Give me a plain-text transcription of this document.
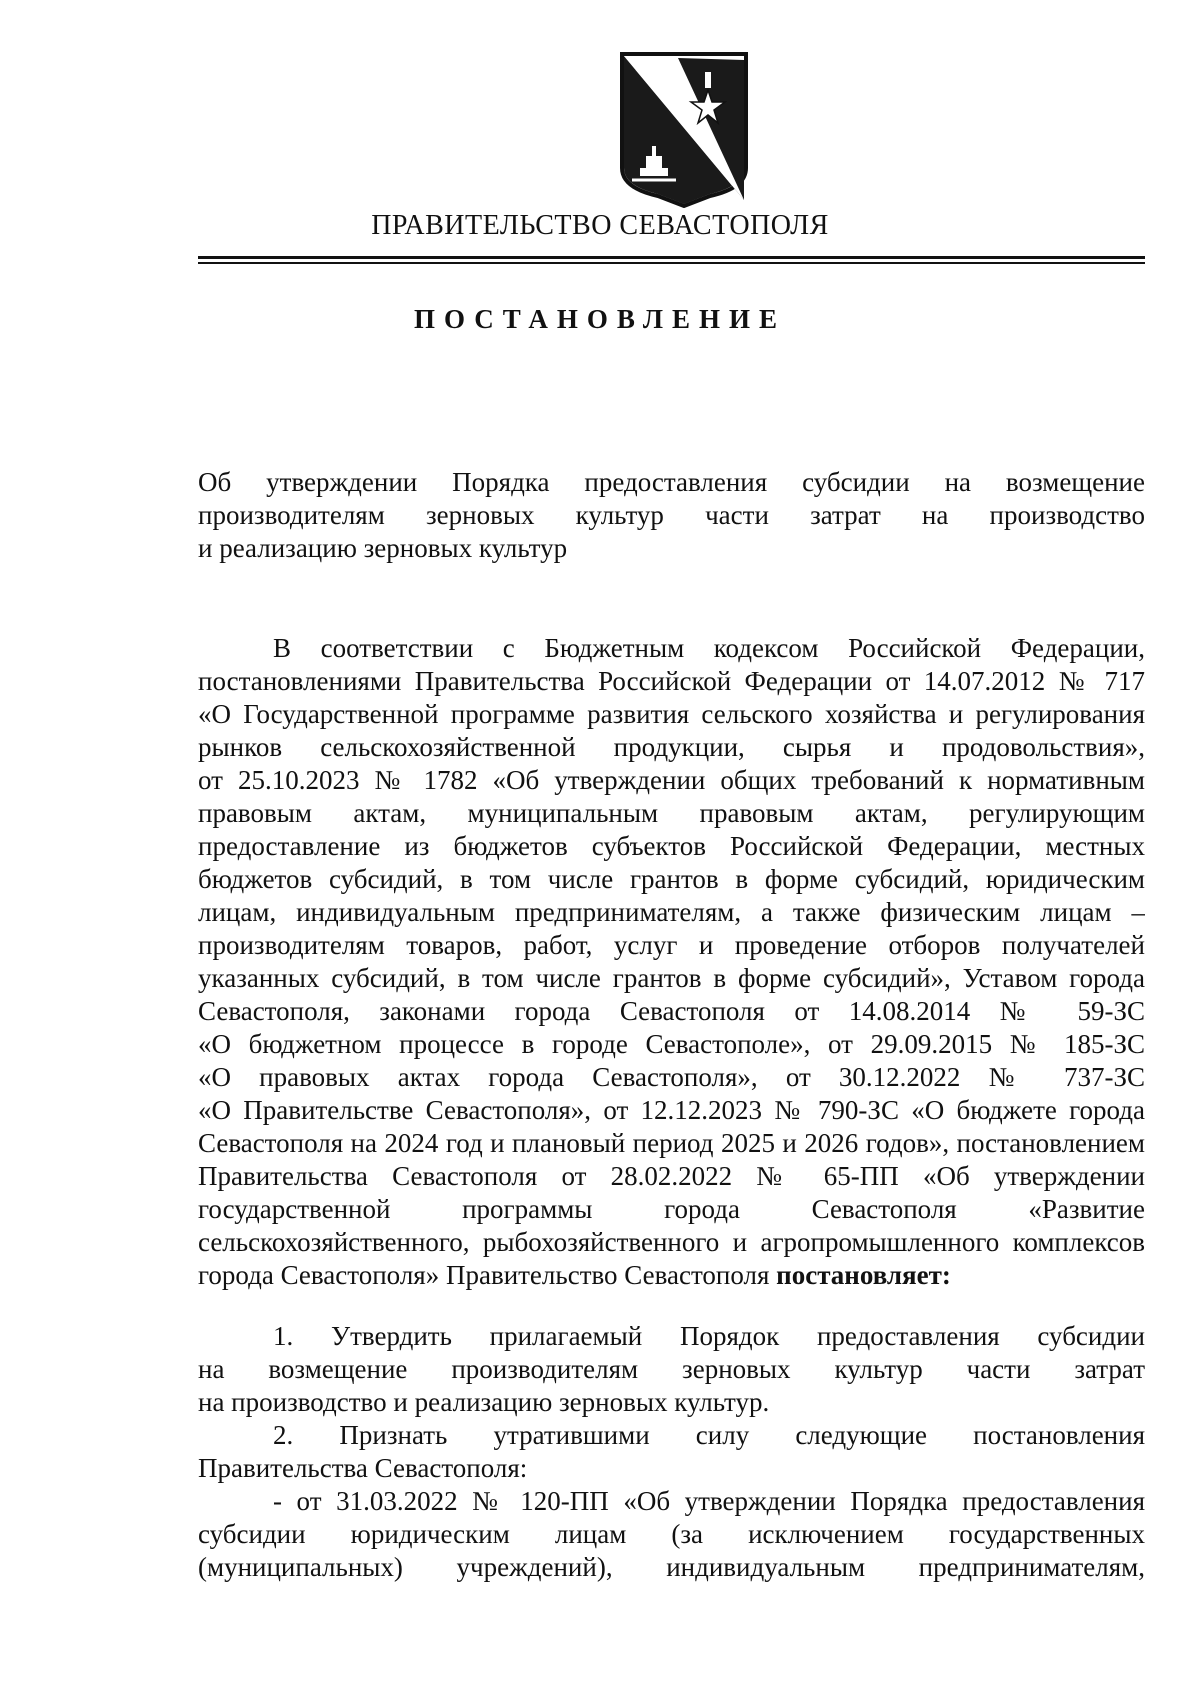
ПРАВИТЕЛЬСТВО СЕВАСТОПОЛЯ
ПОСТАНОВЛЕНИЕ
Об утверждении Порядка предоставления субсидии на возмещение
производителям зерновых культур части затрат на производство
и реализацию зерновых культур
В соответствии с Бюджетным кодексом Российской Федерации,
постановлениями Правительства Российской Федерации от 14.07.2012 № 717
«О Государственной программе развития сельского хозяйства и регулирования
рынков сельскохозяйственной продукции, сырья и продовольствия»,
от 25.10.2023 № 1782 «Об утверждении общих требований к нормативным
правовым актам, муниципальным правовым актам, регулирующим
предоставление из бюджетов субъектов Российской Федерации, местных
бюджетов субсидий, в том числе грантов в форме субсидий, юридическим
лицам, индивидуальным предпринимателям, а также физическим лицам –
производителям товаров, работ, услуг и проведение отборов получателей
указанных субсидий, в том числе грантов в форме субсидий», Уставом города
Севастополя, законами города Севастополя от 14.08.2014 № 59-ЗС
«О бюджетном процессе в городе Севастополе», от 29.09.2015 № 185-ЗС
«О правовых актах города Севастополя», от 30.12.2022 № 737-ЗС
«О Правительстве Севастополя», от 12.12.2023 № 790-ЗС «О бюджете города
Севастополя на 2024 год и плановый период 2025 и 2026 годов», постановлением
Правительства Севастополя от 28.02.2022 № 65-ПП «Об утверждении
государственной программы города Севастополя «Развитие
сельскохозяйственного, рыбохозяйственного и агропромышленного комплексов
города Севастополя» Правительство Севастополя постановляет:
1. Утвердить прилагаемый Порядок предоставления субсидии
на возмещение производителям зерновых культур части затрат
на производство и реализацию зерновых культур.
2. Признать утратившими силу следующие постановления
Правительства Севастополя:
- от 31.03.2022 № 120-ПП «Об утверждении Порядка предоставления
субсидии юридическим лицам (за исключением государственных
(муниципальных) учреждений), индивидуальным предпринимателям,
